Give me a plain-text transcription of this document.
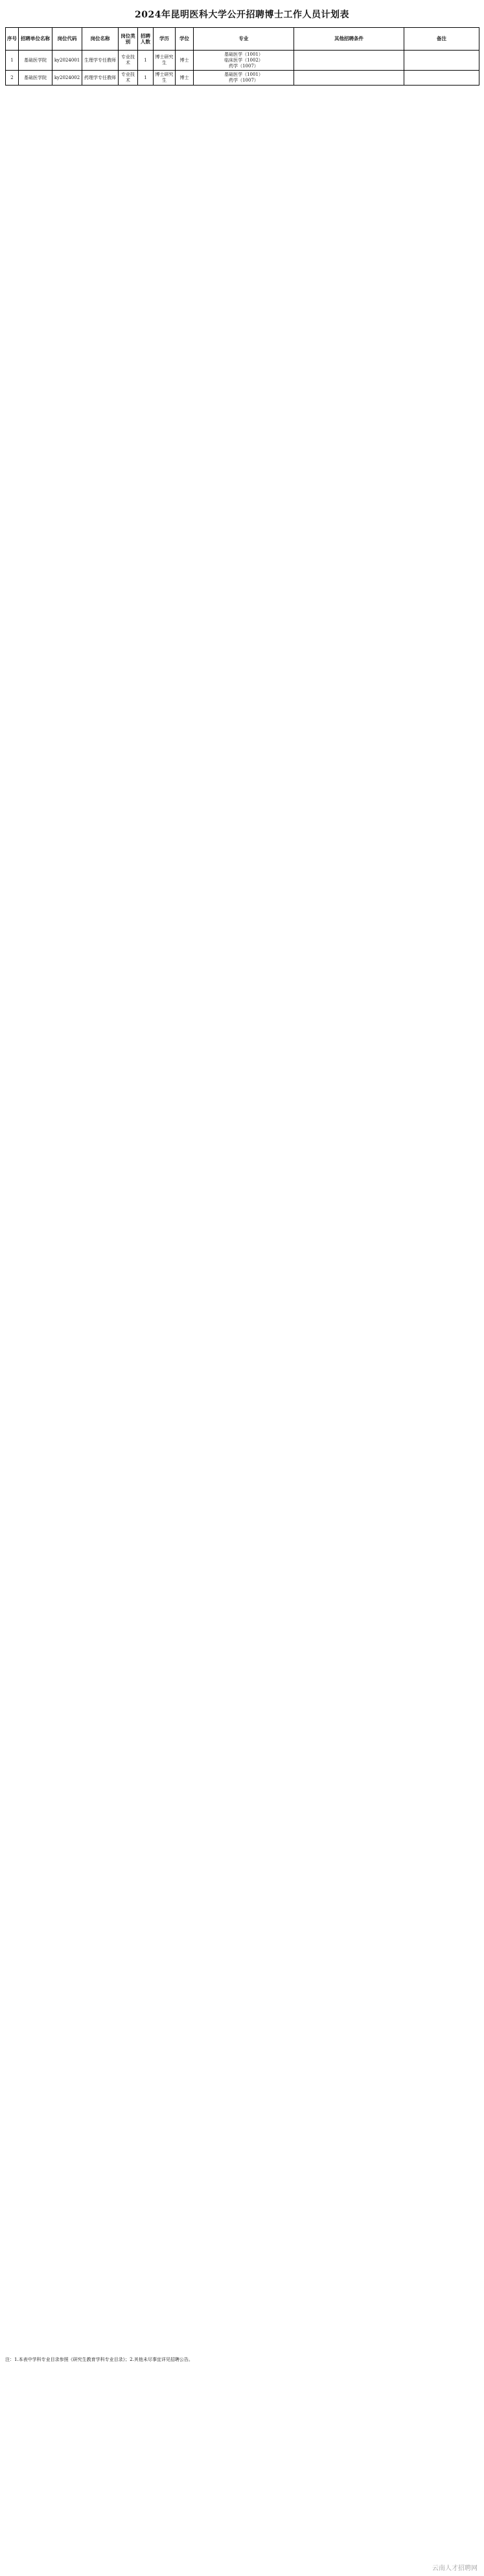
2024年昆明医科大学公开招聘博士工作人员计划表
序号	招聘单位名称	岗位代码	岗位名称	岗位类别	招聘人数	学历	学位	专业	其他招聘条件	备注
1	基础医学院	ky2024001	生理学专任教师	专业技术	1	博士研究生	博士	基础医学（1001）
临床医学（1002）
药学（1007）		
2	基础医学院	ky2024002	药理学专任教师	专业技术	1	博士研究生	博士	基础医学（1001）
药学（1007）		
注：1.本表中学科专业目录参照《研究生教育学科专业目录》；2.其他未尽事宜详见招聘公告。
云南人才招聘网
